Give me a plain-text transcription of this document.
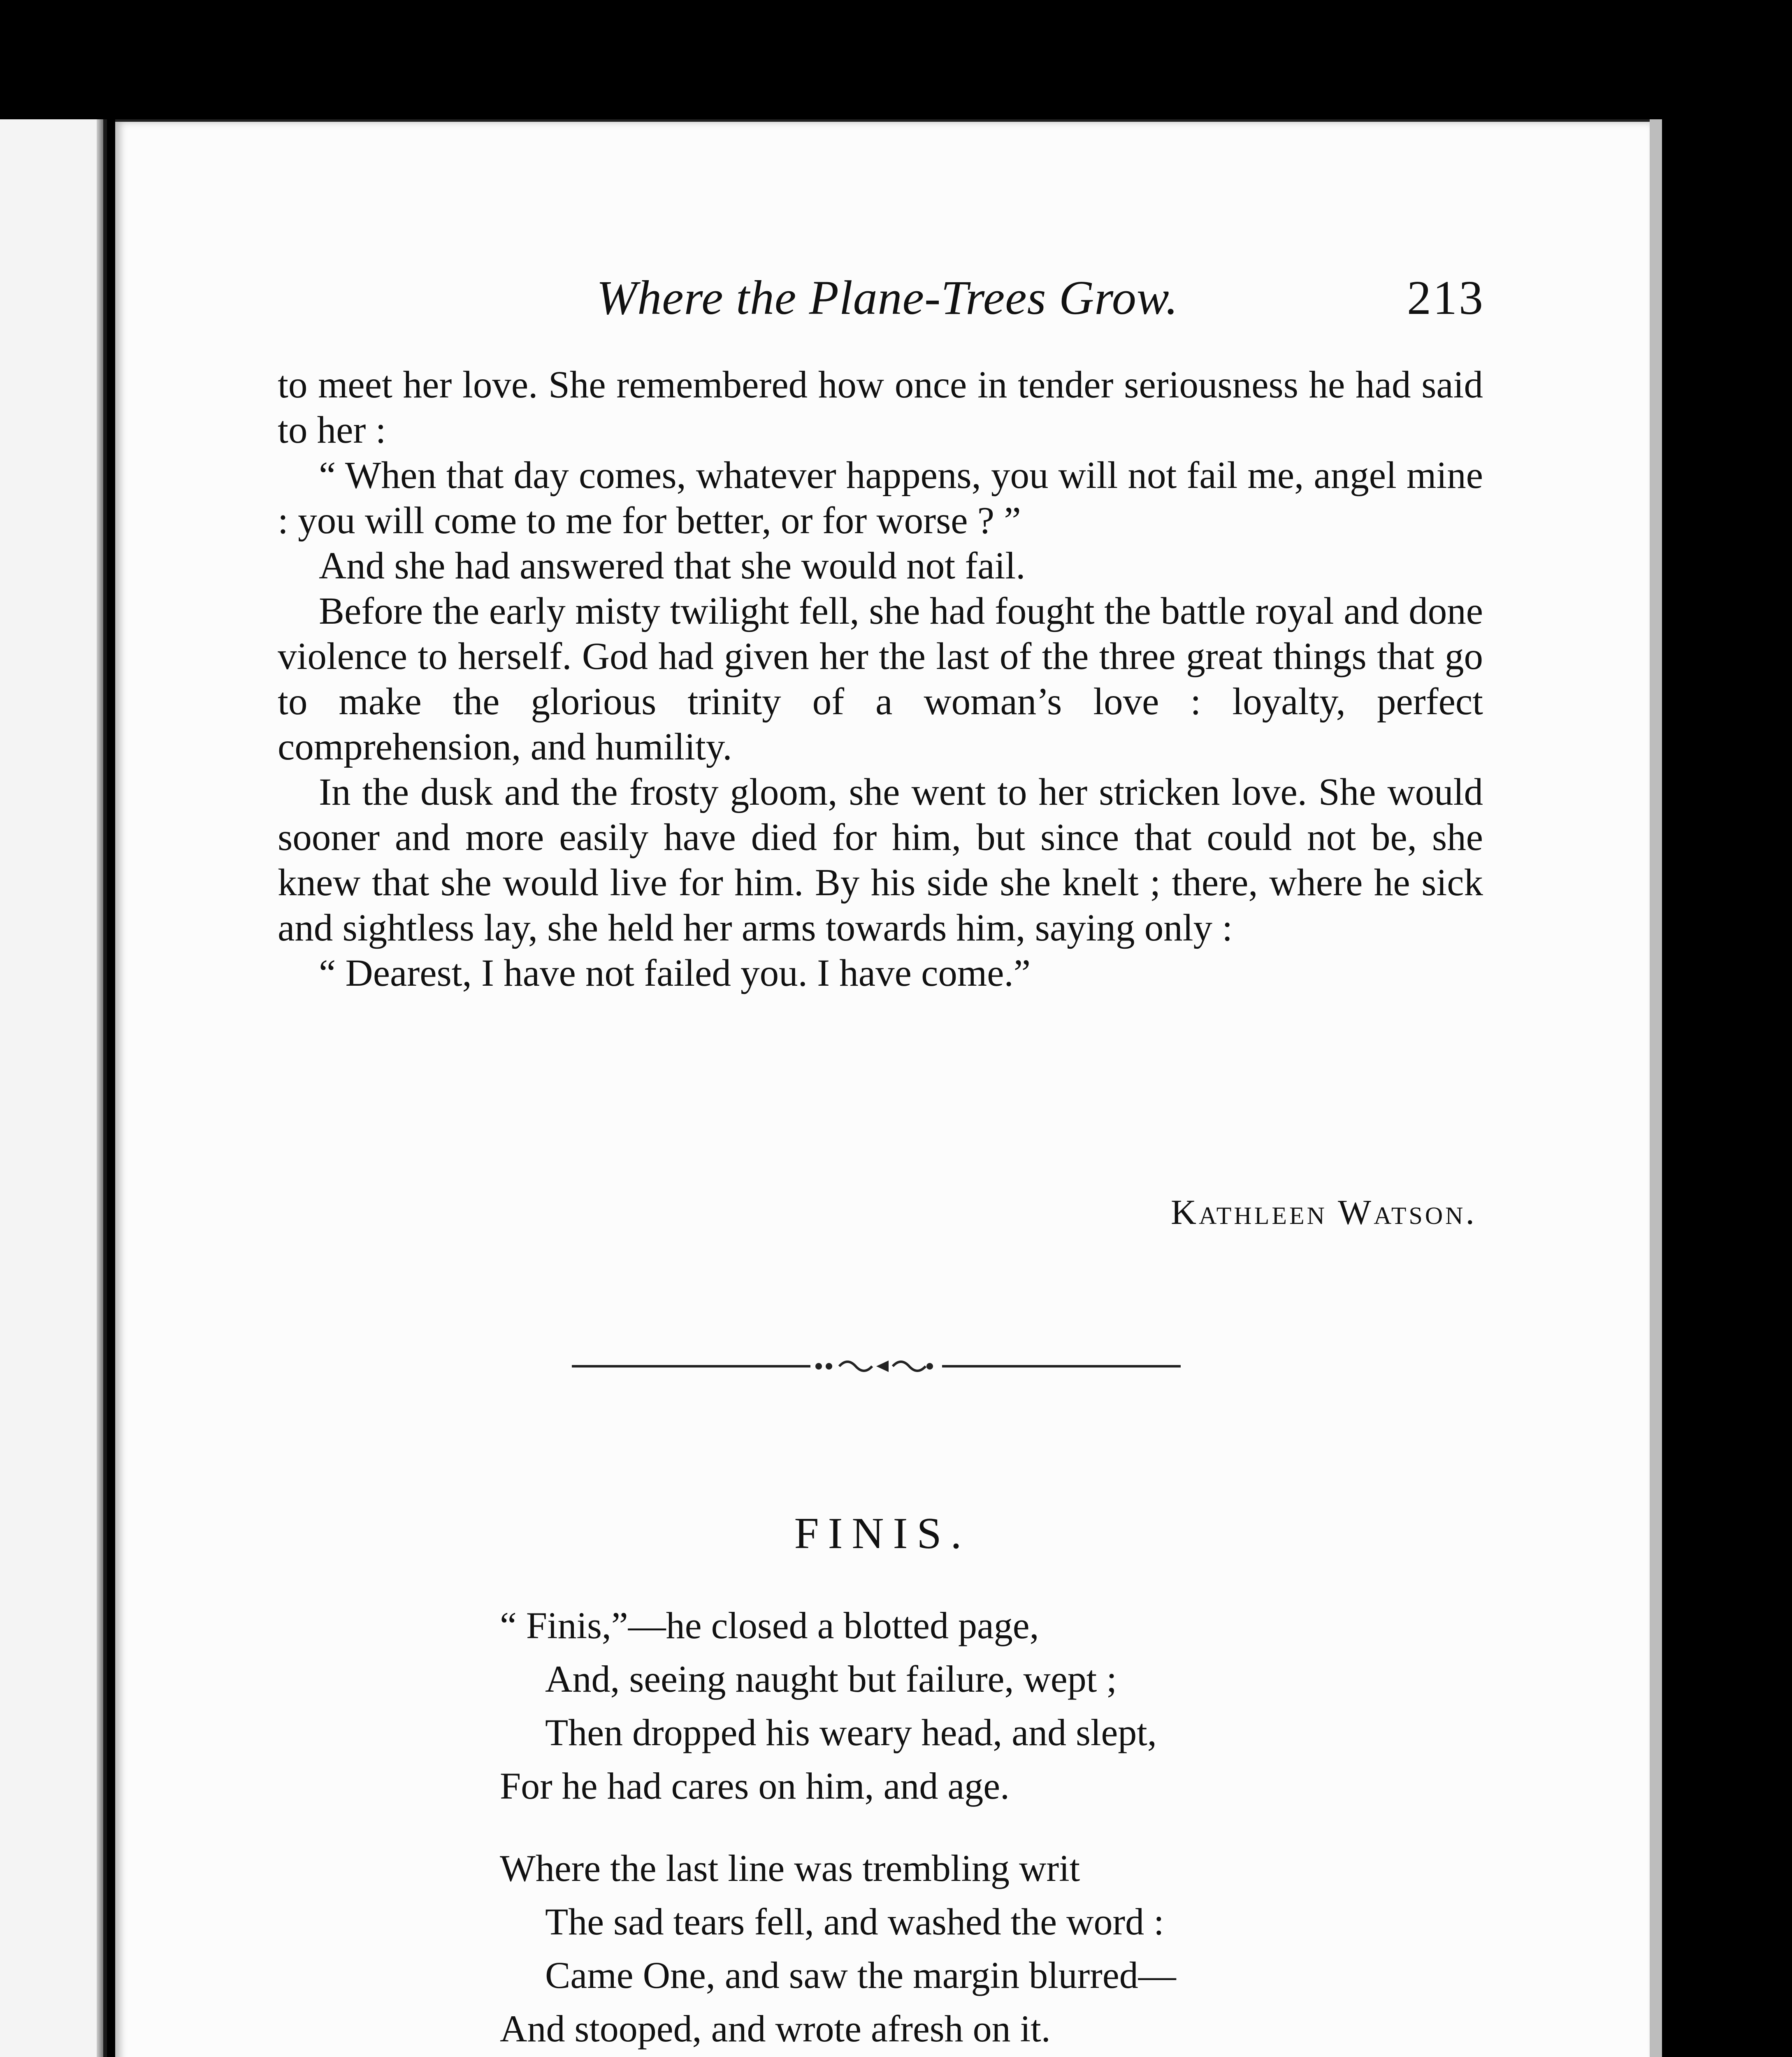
Where the Plane-Trees Grow.	213

to meet her love. She remembered how once in tender seriousness he had said to her :

“ When that day comes, whatever happens, you will not fail me, angel mine : you will come to me for better, or for worse ? ”

And she had answered that she would not fail.

Before the early misty twilight fell, she had fought the battle royal and done violence to herself. God had given her the last of the three great things that go to make the glorious trinity of a woman’s love : loyalty, perfect comprehension, and humility.

In the dusk and the frosty gloom, she went to her stricken love. She would sooner and more easily have died for him, but since that could not be, she knew that she would live for him. By his side she knelt ; there, where he sick and sightless lay, she held her arms towards him, saying only :

“ Dearest, I have not failed you. I have come.”

Kathleen Watson.
FINIS.
“ Finis,”—he closed a blotted page,
And, seeing naught but failure, wept ;
Then dropped his weary head, and slept,
For he had cares on him, and age.
Where the last line was trembling writ
The sad tears fell, and washed the word :
Came One, and saw the margin blurred—
And stooped, and wrote afresh on it.
